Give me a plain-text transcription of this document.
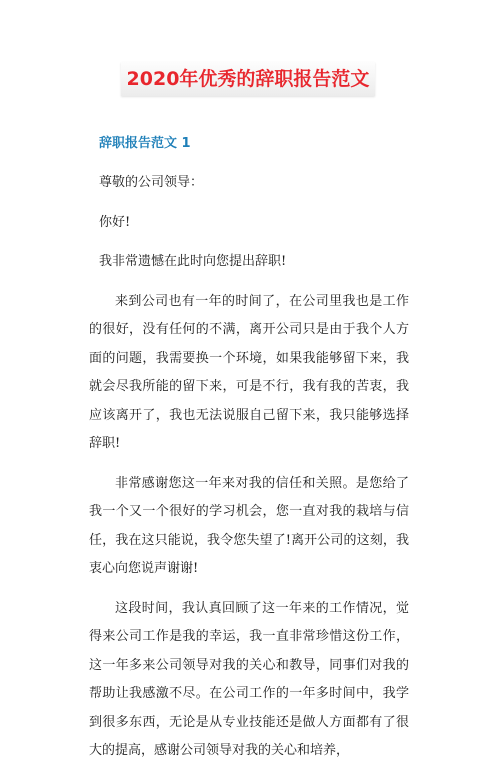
2020年优秀的辞职报告范文
辞职报告范文 1

尊敬的公司领导：

你好!

我非常遗憾在此时向您提出辞职!

来到公司也有一年的时间了，在公司里我也是工作的很好，没有任何的不满，离开公司只是由于我个人方面的问题，我需要换一个环境，如果我能够留下来，我就会尽我所能的留下来，可是不行，我有我的苦衷，我应该离开了，我也无法说服自己留下来，我只能够选择辞职!

非常感谢您这一年来对我的信任和关照。是您给了我一个又一个很好的学习机会，您一直对我的栽培与信任，我在这只能说，我令您失望了!离开公司的这刻，我衷心向您说声谢谢!

这段时间，我认真回顾了这一年来的工作情况，觉得来公司工作是我的幸运，我一直非常珍惜这份工作，这一年多来公司领导对我的关心和教导，同事们对我的帮助让我感激不尽。在公司工作的一年多时间中，我学到很多东西，无论是从专业技能还是做人方面都有了很大的提高，感谢公司领导对我的关心和培养，
